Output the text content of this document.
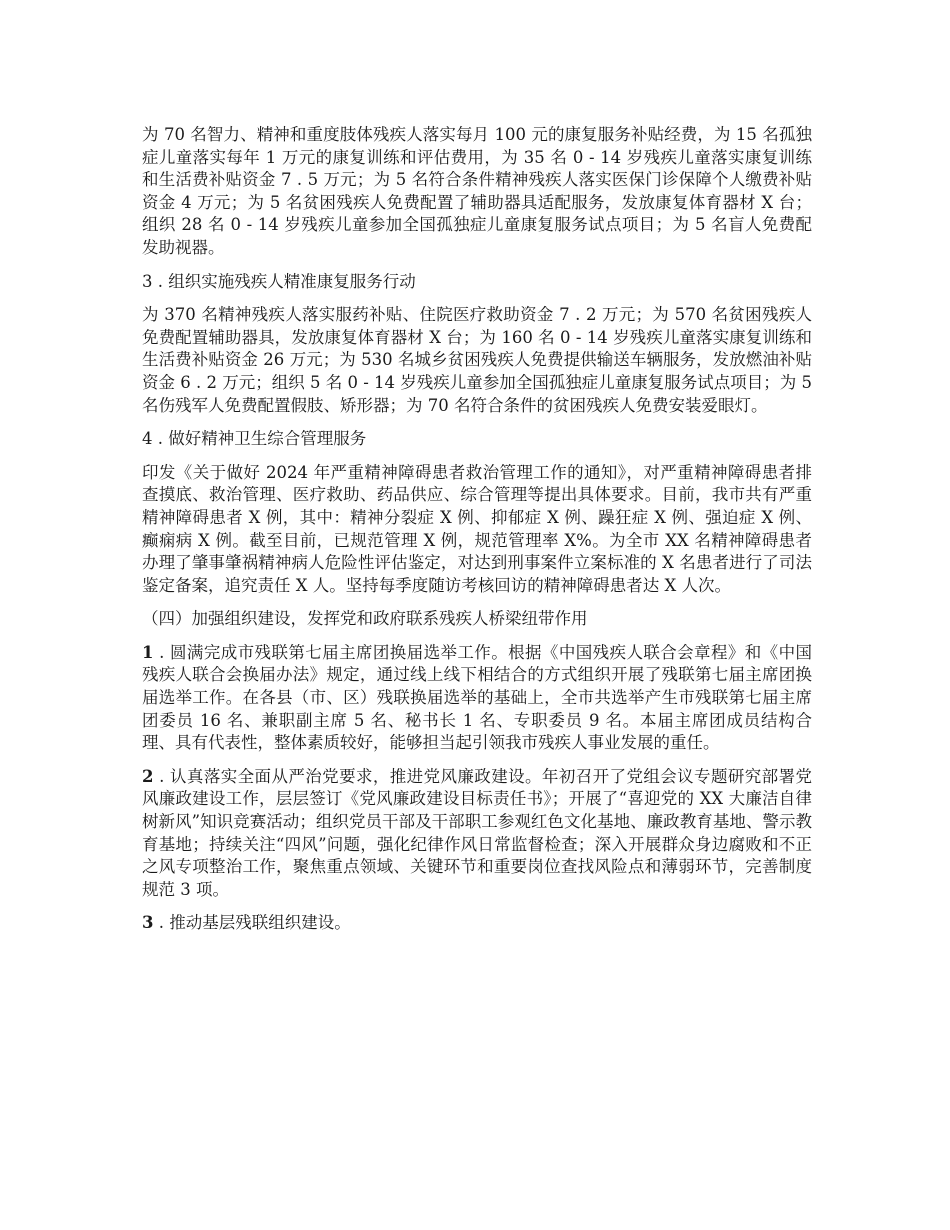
为 70 名智力、精神和重度肢体残疾人落实每月 100 元的康复服务补贴经费，为 15 名孤独症儿童落实每年 1 万元的康复训练和评估费用，为 35 名 0 - 14 岁残疾儿童落实康复训练和生活费补贴资金 7 . 5 万元；为 5 名符合条件精神残疾人落实医保门诊保障个人缴费补贴资金 4 万元；为 5 名贫困残疾人免费配置了辅助器具适配服务，发放康复体育器材 X 台；组织 28 名 0 - 14 岁残疾儿童参加全国孤独症儿童康复服务试点项目；为 5 名盲人免费配发助视器。

3 . 组织实施残疾人精准康复服务行动

为 370 名精神残疾人落实服药补贴、住院医疗救助资金 7 . 2 万元；为 570 名贫困残疾人免费配置辅助器具，发放康复体育器材 X 台；为 160 名 0 - 14 岁残疾儿童落实康复训练和生活费补贴资金 26 万元；为 530 名城乡贫困残疾人免费提供输送车辆服务，发放燃油补贴资金 6 . 2 万元；组织 5 名 0 - 14 岁残疾儿童参加全国孤独症儿童康复服务试点项目；为 5 名伤残军人免费配置假肢、矫形器；为 70 名符合条件的贫困残疾人免费安装爱眼灯。

4 . 做好精神卫生综合管理服务

印发《关于做好 2024 年严重精神障碍患者救治管理工作的通知》，对严重精神障碍患者排查摸底、救治管理、医疗救助、药品供应、综合管理等提出具体要求。目前，我市共有严重精神障碍患者 X 例，其中：精神分裂症 X 例、抑郁症 X 例、躁狂症 X 例、强迫症 X 例、癫痫病 X 例。截至目前，已规范管理 X 例，规范管理率 X%。为全市 XX 名精神障碍患者办理了肇事肇祸精神病人危险性评估鉴定，对达到刑事案件立案标准的 X 名患者进行了司法鉴定备案，追究责任 X 人。坚持每季度随访考核回访的精神障碍患者达 X 人次。

（四）加强组织建设，发挥党和政府联系残疾人桥梁纽带作用

1 . 圆满完成市残联第七届主席团换届选举工作。根据《中国残疾人联合会章程》和《中国残疾人联合会换届办法》规定，通过线上线下相结合的方式组织开展了残联第七届主席团换届选举工作。在各县（市、区）残联换届选举的基础上，全市共选举产生市残联第七届主席团委员 16 名、兼职副主席 5 名、秘书长 1 名、专职委员 9 名。本届主席团成员结构合理、具有代表性，整体素质较好，能够担当起引领我市残疾人事业发展的重任。

2 . 认真落实全面从严治党要求，推进党风廉政建设。年初召开了党组会议专题研究部署党风廉政建设工作，层层签订《党风廉政建设目标责任书》；开展了“喜迎党的 XX 大廉洁自律树新风”知识竞赛活动；组织党员干部及干部职工参观红色文化基地、廉政教育基地、警示教育基地；持续关注“四风”问题，强化纪律作风日常监督检查；深入开展群众身边腐败和不正之风专项整治工作，聚焦重点领域、关键环节和重要岗位查找风险点和薄弱环节，完善制度规范 3 项。

3 . 推动基层残联组织建设。
